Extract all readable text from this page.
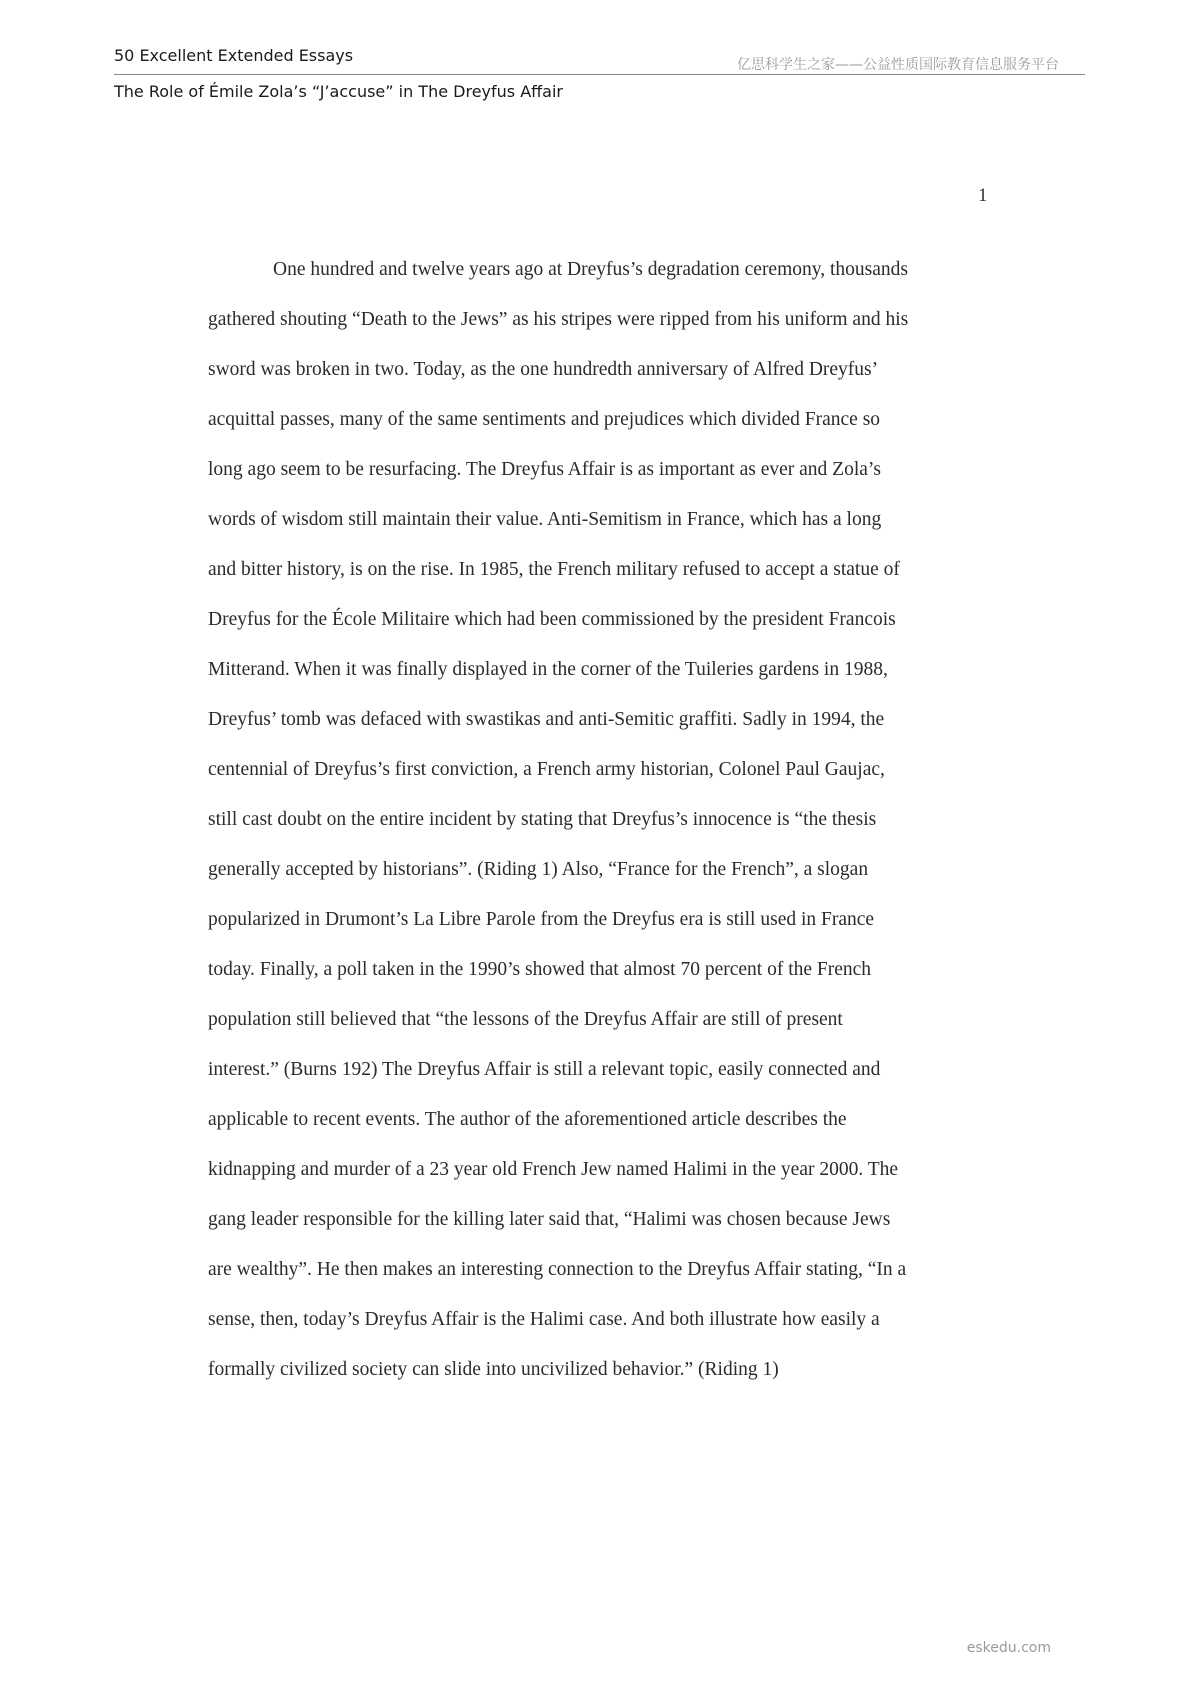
50 Excellent Extended Essays	亿思科学生之家——公益性质国际教育信息服务平台
The Role of Émile Zola’s “J’accuse” in The Dreyfus Affair
1
One hundred and twelve years ago at Dreyfus’s degradation ceremony, thousands
gathered shouting “Death to the Jews” as his stripes were ripped from his uniform and his
sword was broken in two. Today, as the one hundredth anniversary of Alfred Dreyfus’
acquittal passes, many of the same sentiments and prejudices which divided France so
long ago seem to be resurfacing. The Dreyfus Affair is as important as ever and Zola’s
words of wisdom still maintain their value. Anti-Semitism in France, which has a long
and bitter history, is on the rise. In 1985, the French military refused to accept a statue of
Dreyfus for the École Militaire which had been commissioned by the president Francois
Mitterand. When it was finally displayed in the corner of the Tuileries gardens in 1988,
Dreyfus’ tomb was defaced with swastikas and anti-Semitic graffiti. Sadly in 1994, the
centennial of Dreyfus’s first conviction, a French army historian, Colonel Paul Gaujac,
still cast doubt on the entire incident by stating that Dreyfus’s innocence is “the thesis
generally accepted by historians”. (Riding 1) Also, “France for the French”, a slogan
popularized in Drumont’s La Libre Parole from the Dreyfus era is still used in France
today. Finally, a poll taken in the 1990’s showed that almost 70 percent of the French
population still believed that “the lessons of the Dreyfus Affair are still of present
interest.” (Burns 192) The Dreyfus Affair is still a relevant topic, easily connected and
applicable to recent events. The author of the aforementioned article describes the
kidnapping and murder of a 23 year old French Jew named Halimi in the year 2000. The
gang leader responsible for the killing later said that, “Halimi was chosen because Jews
are wealthy”. He then makes an interesting connection to the Dreyfus Affair stating, “In a
sense, then, today’s Dreyfus Affair is the Halimi case. And both illustrate how easily a
formally civilized society can slide into uncivilized behavior.” (Riding 1)
eskedu.com
